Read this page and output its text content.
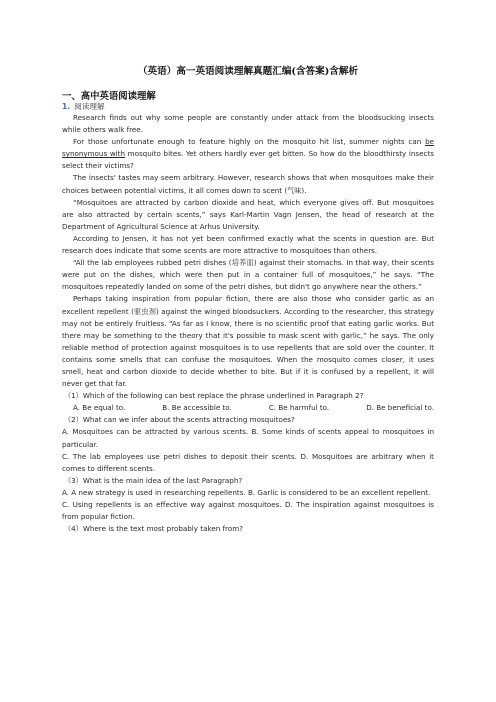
（英语）高一英语阅读理解真题汇编(含答案)含解析
一、高中英语阅读理解
1. 阅读理解

Research finds out why some people are constantly under attack from the bloodsucking insects while others walk free.

For those unfortunate enough to feature highly on the mosquito hit list, summer nights can be synonymous with mosquito bites. Yet others hardly ever get bitten. So how do the bloodthirsty insects select their victims?

The insects' tastes may seem arbitrary. However, research shows that when mosquitoes make their choices between potential victims, it all comes down to scent (气味).

“Mosquitoes are attracted by carbon dioxide and heat, which everyone gives off. But mosquitoes are also attracted by certain scents,” says Karl-Martin Vagn Jensen, the head of research at the Department of Agricultural Science at Arhus University.

According to Jensen, it has not yet been confirmed exactly what the scents in question are. But research does indicate that some scents are more attractive to mosquitoes than others.

“All the lab employees rubbed petri dishes (培养皿) against their stomachs. In that way, their scents were put on the dishes, which were then put in a container full of mosquitoes,” he says. “The mosquitoes repeatedly landed on some of the petri dishes, but didn't go anywhere near the others.”

Perhaps taking inspiration from popular fiction, there are also those who consider garlic as an excellent repellent (驱虫剂) against the winged bloodsuckers. According to the researcher, this strategy may not be entirely fruitless. “As far as I know, there is no scientific proof that eating garlic works. But there may be something to the theory that it's possible to mask scent with garlic,” he says. The only reliable method of protection against mosquitoes is to use repellents that are sold over the counter. It contains some smells that can confuse the mosquitoes. When the mosquito comes closer, it uses smell, heat and carbon dioxide to decide whether to bite. But if it is confused by a repellent, it will never get that far.

（1）Which of the following can best replace the phrase underlined in Paragraph 2?

A. Be equal to.	B. Be accessible to.	C. Be harmful to.	D. Be beneficial to.

（2）What can we infer about the scents attracting mosquitoes?

A. Mosquitoes can be attracted by various scents. B. Some kinds of scents appeal to mosquitoes in particular.

C. The lab employees use petri dishes to deposit their scents. D. Mosquitoes are arbitrary when it comes to different scents.

（3）What is the main idea of the last Paragraph?

A. A new strategy is used in researching repellents. B. Garlic is considered to be an excellent repellent.

C. Using repellents is an effective way against mosquitoes. D. The inspiration against mosquitoes is from popular fiction.

（4）Where is the text most probably taken from?
